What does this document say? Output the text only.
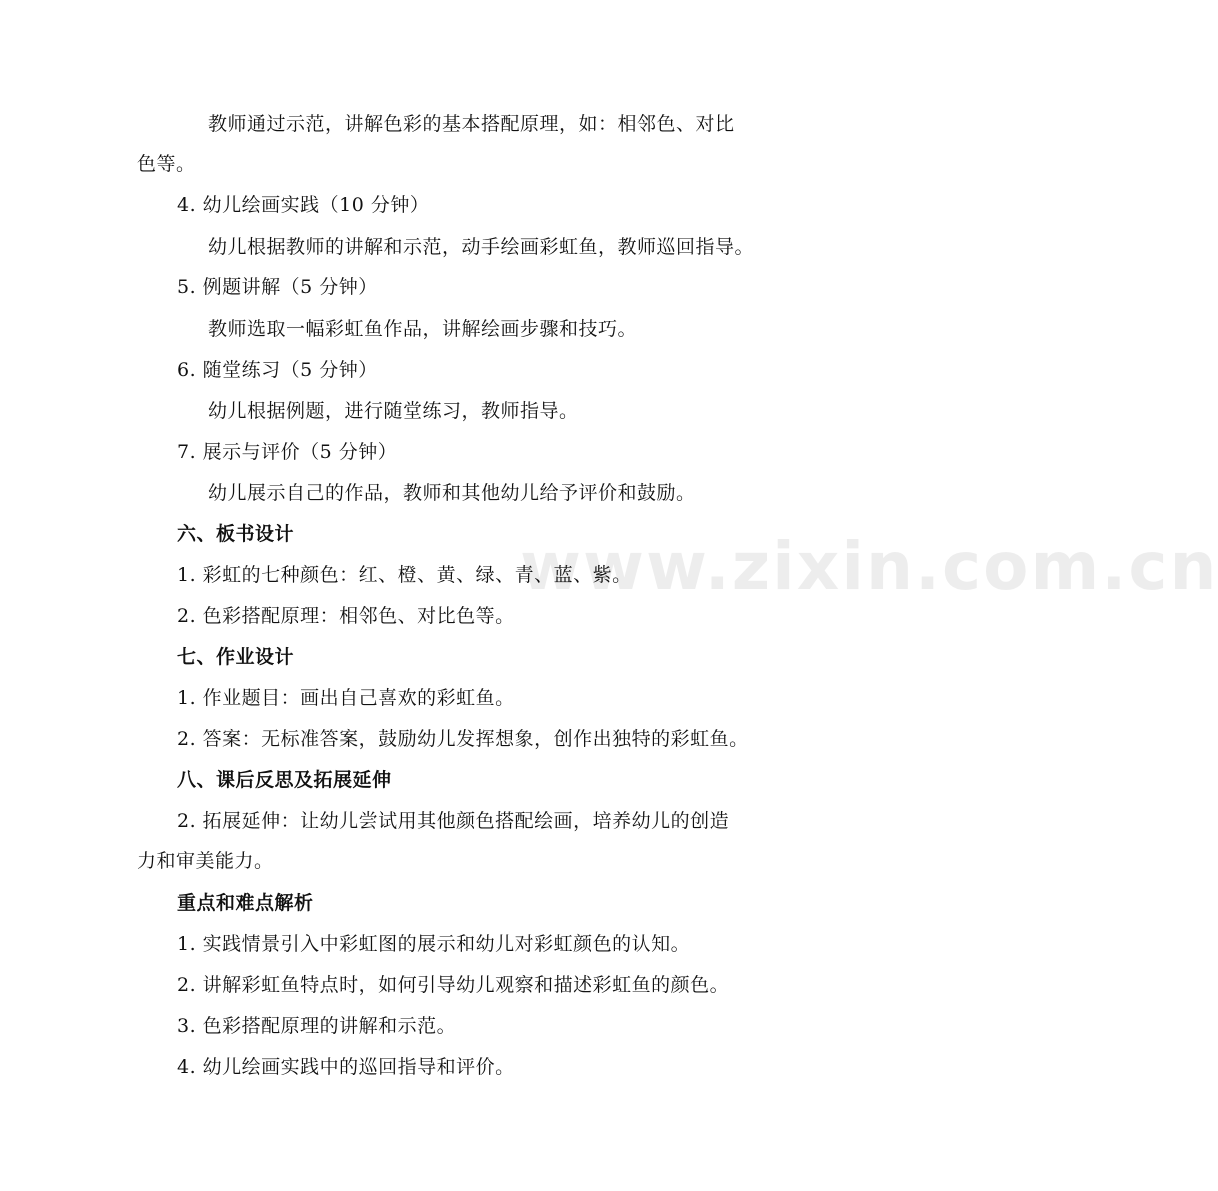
www.zixin.com.cn
教师通过示范，讲解色彩的基本搭配原理，如：相邻色、对比
色等。
4. 幼儿绘画实践（10 分钟）
幼儿根据教师的讲解和示范，动手绘画彩虹鱼，教师巡回指导。
5. 例题讲解（5 分钟）
教师选取一幅彩虹鱼作品，讲解绘画步骤和技巧。
6. 随堂练习（5 分钟）
幼儿根据例题，进行随堂练习，教师指导。
7. 展示与评价（5 分钟）
幼儿展示自己的作品，教师和其他幼儿给予评价和鼓励。
六、板书设计
1. 彩虹的七种颜色：红、橙、黄、绿、青、蓝、紫。
2. 色彩搭配原理：相邻色、对比色等。
七、作业设计
1. 作业题目：画出自己喜欢的彩虹鱼。
2. 答案：无标准答案，鼓励幼儿发挥想象，创作出独特的彩虹鱼。
八、课后反思及拓展延伸
2. 拓展延伸：让幼儿尝试用其他颜色搭配绘画，培养幼儿的创造
力和审美能力。
重点和难点解析
1. 实践情景引入中彩虹图的展示和幼儿对彩虹颜色的认知。
2. 讲解彩虹鱼特点时，如何引导幼儿观察和描述彩虹鱼的颜色。
3. 色彩搭配原理的讲解和示范。
4. 幼儿绘画实践中的巡回指导和评价。
